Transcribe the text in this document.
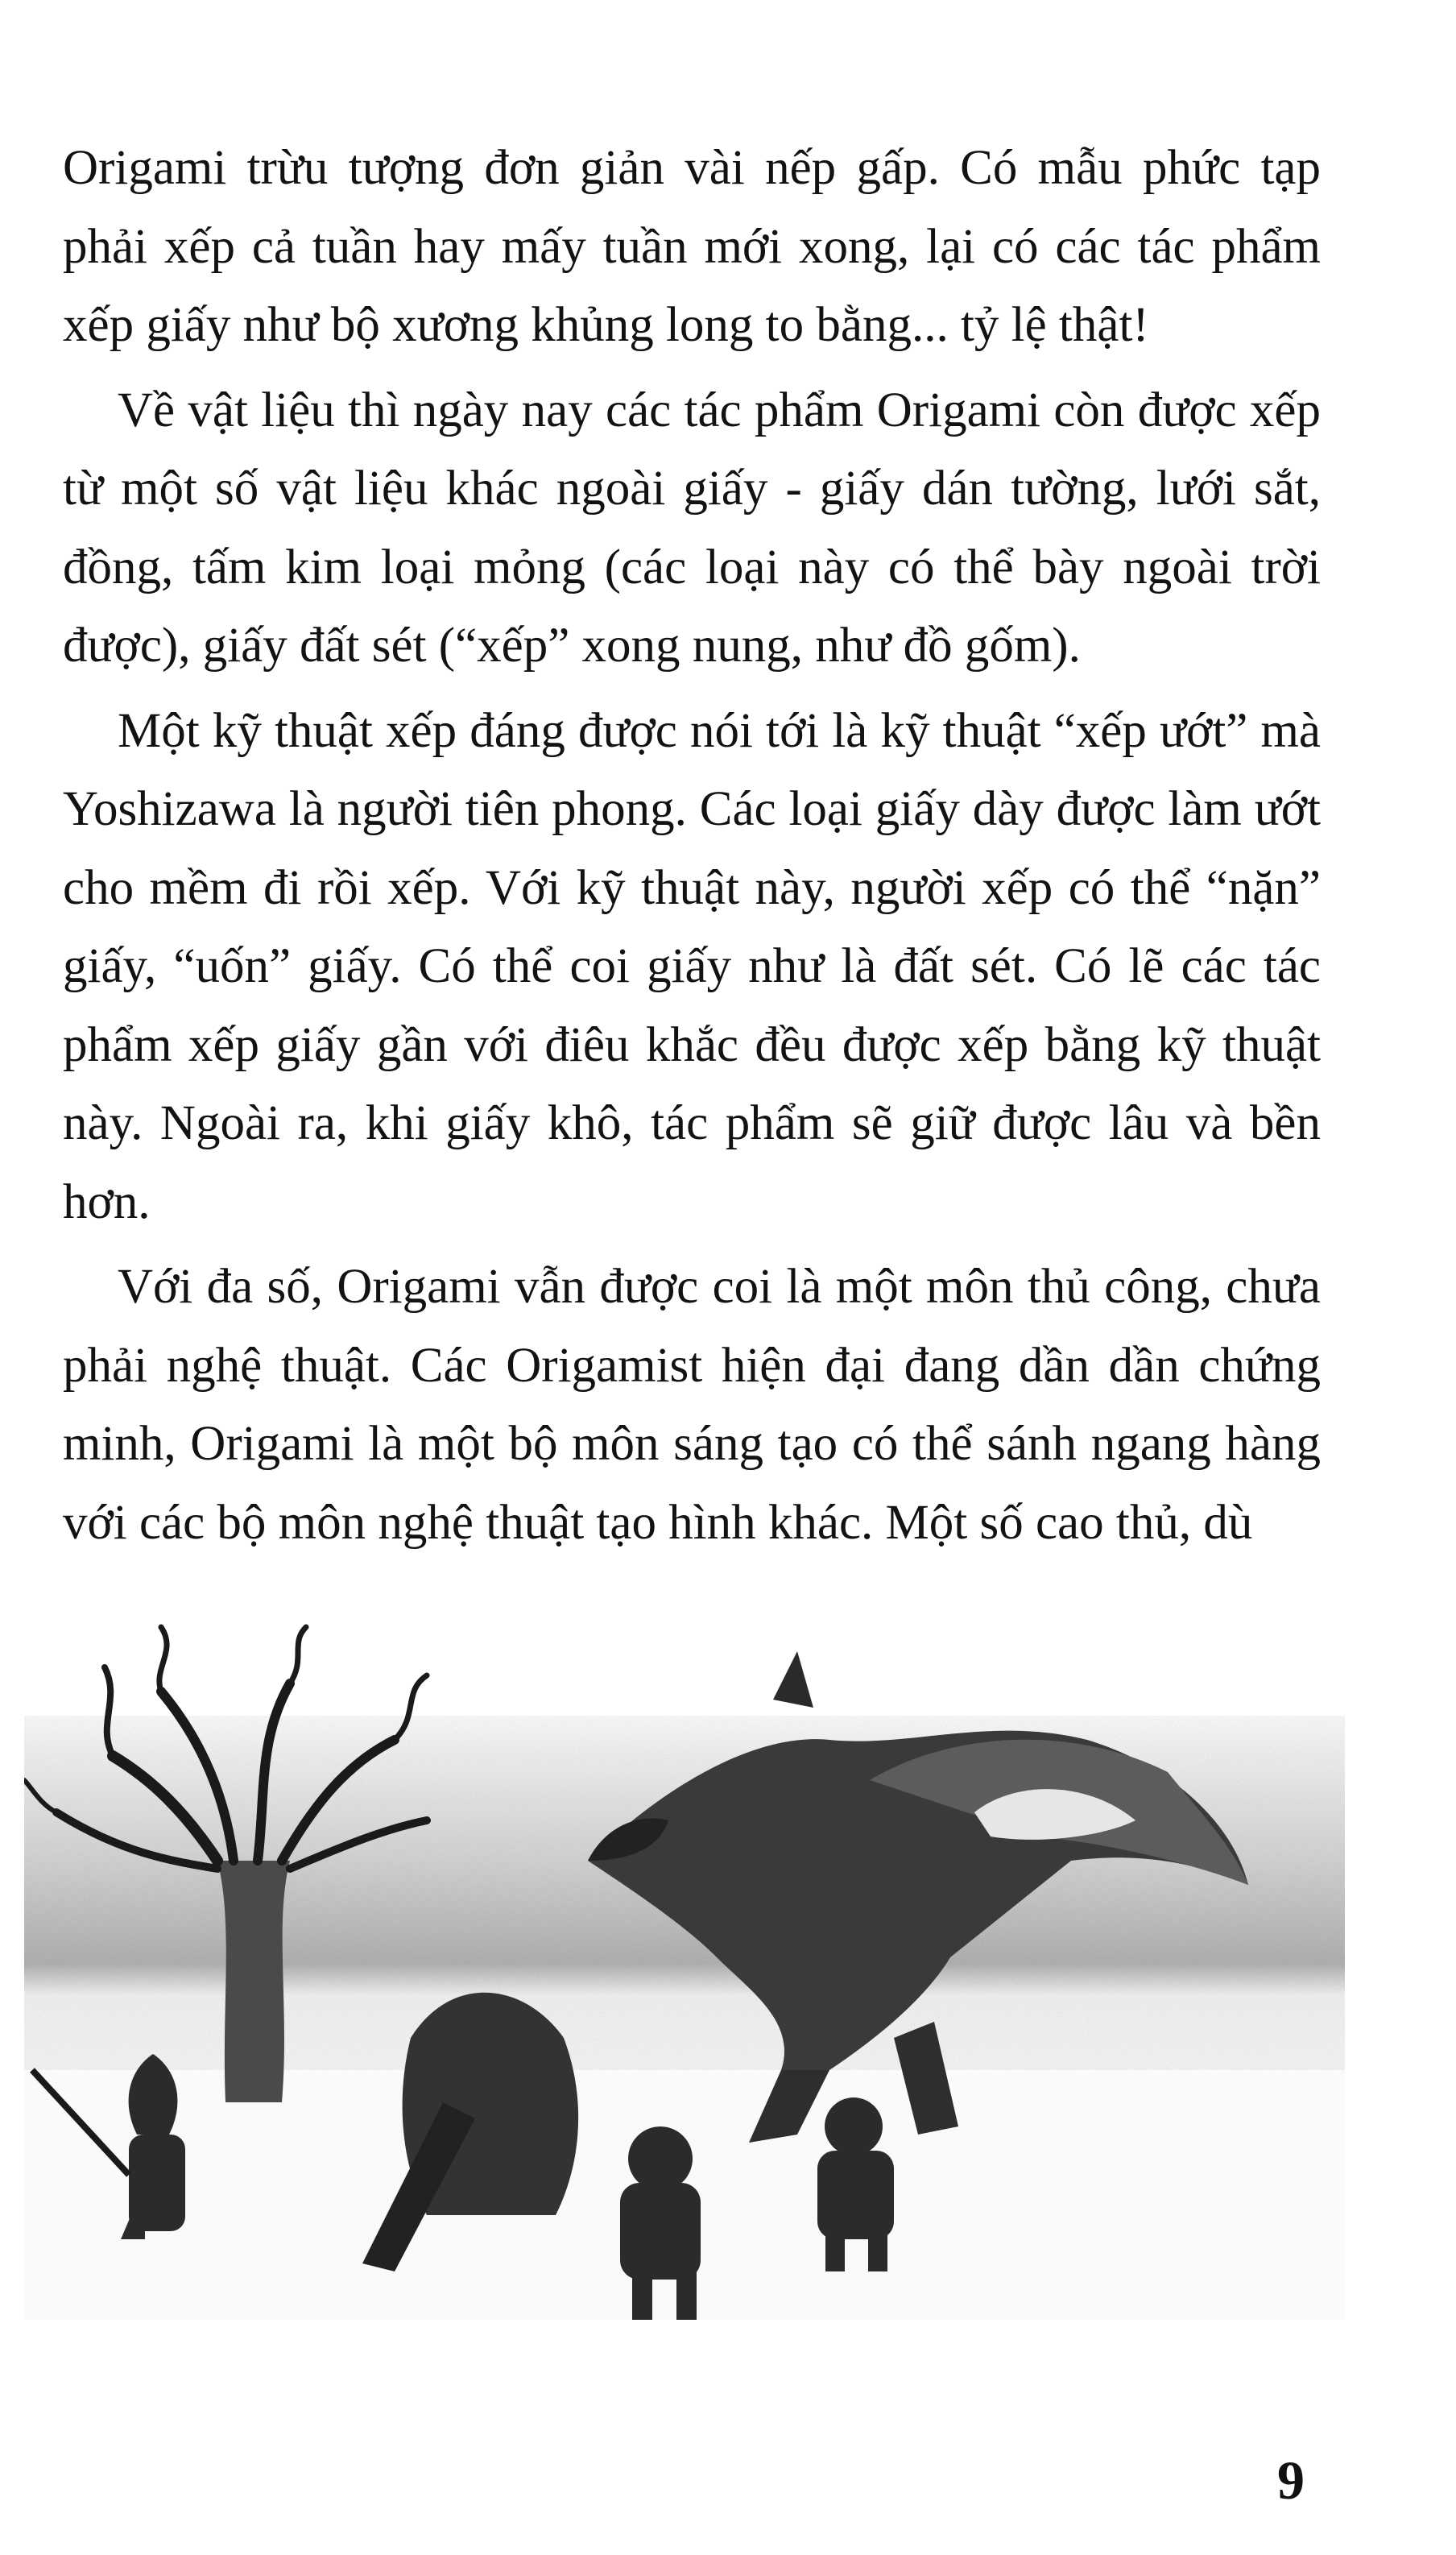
Origami trừu tượng đơn giản vài nếp gấp. Có mẫu phức tạp phải xếp cả tuần hay mấy tuần mới xong, lại có các tác phẩm xếp giấy như bộ xương khủng long to bằng... tỷ lệ thật!

Về vật liệu thì ngày nay các tác phẩm Origami còn được xếp từ một số vật liệu khác ngoài giấy - giấy dán tường, lưới sắt, đồng, tấm kim loại mỏng (các loại này có thể bày ngoài trời được), giấy đất sét (“xếp” xong nung, như đồ gốm).

Một kỹ thuật xếp đáng được nói tới là kỹ thuật “xếp ướt” mà Yoshizawa là người tiên phong. Các loại giấy dày được làm ướt cho mềm đi rồi xếp. Với kỹ thuật này, người xếp có thể “nặn” giấy, “uốn” giấy. Có thể coi giấy như là đất sét. Có lẽ các tác phẩm xếp giấy gần với điêu khắc đều được xếp bằng kỹ thuật này. Ngoài ra, khi giấy khô, tác phẩm sẽ giữ được lâu và bền hơn.

Với đa số, Origami vẫn được coi là một môn thủ công, chưa phải nghệ thuật. Các Origamist hiện đại đang dần dần chứng minh, Origami là một bộ môn sáng tạo có thể sánh ngang hàng với các bộ môn nghệ thuật tạo hình khác. Một số cao thủ, dù

9
